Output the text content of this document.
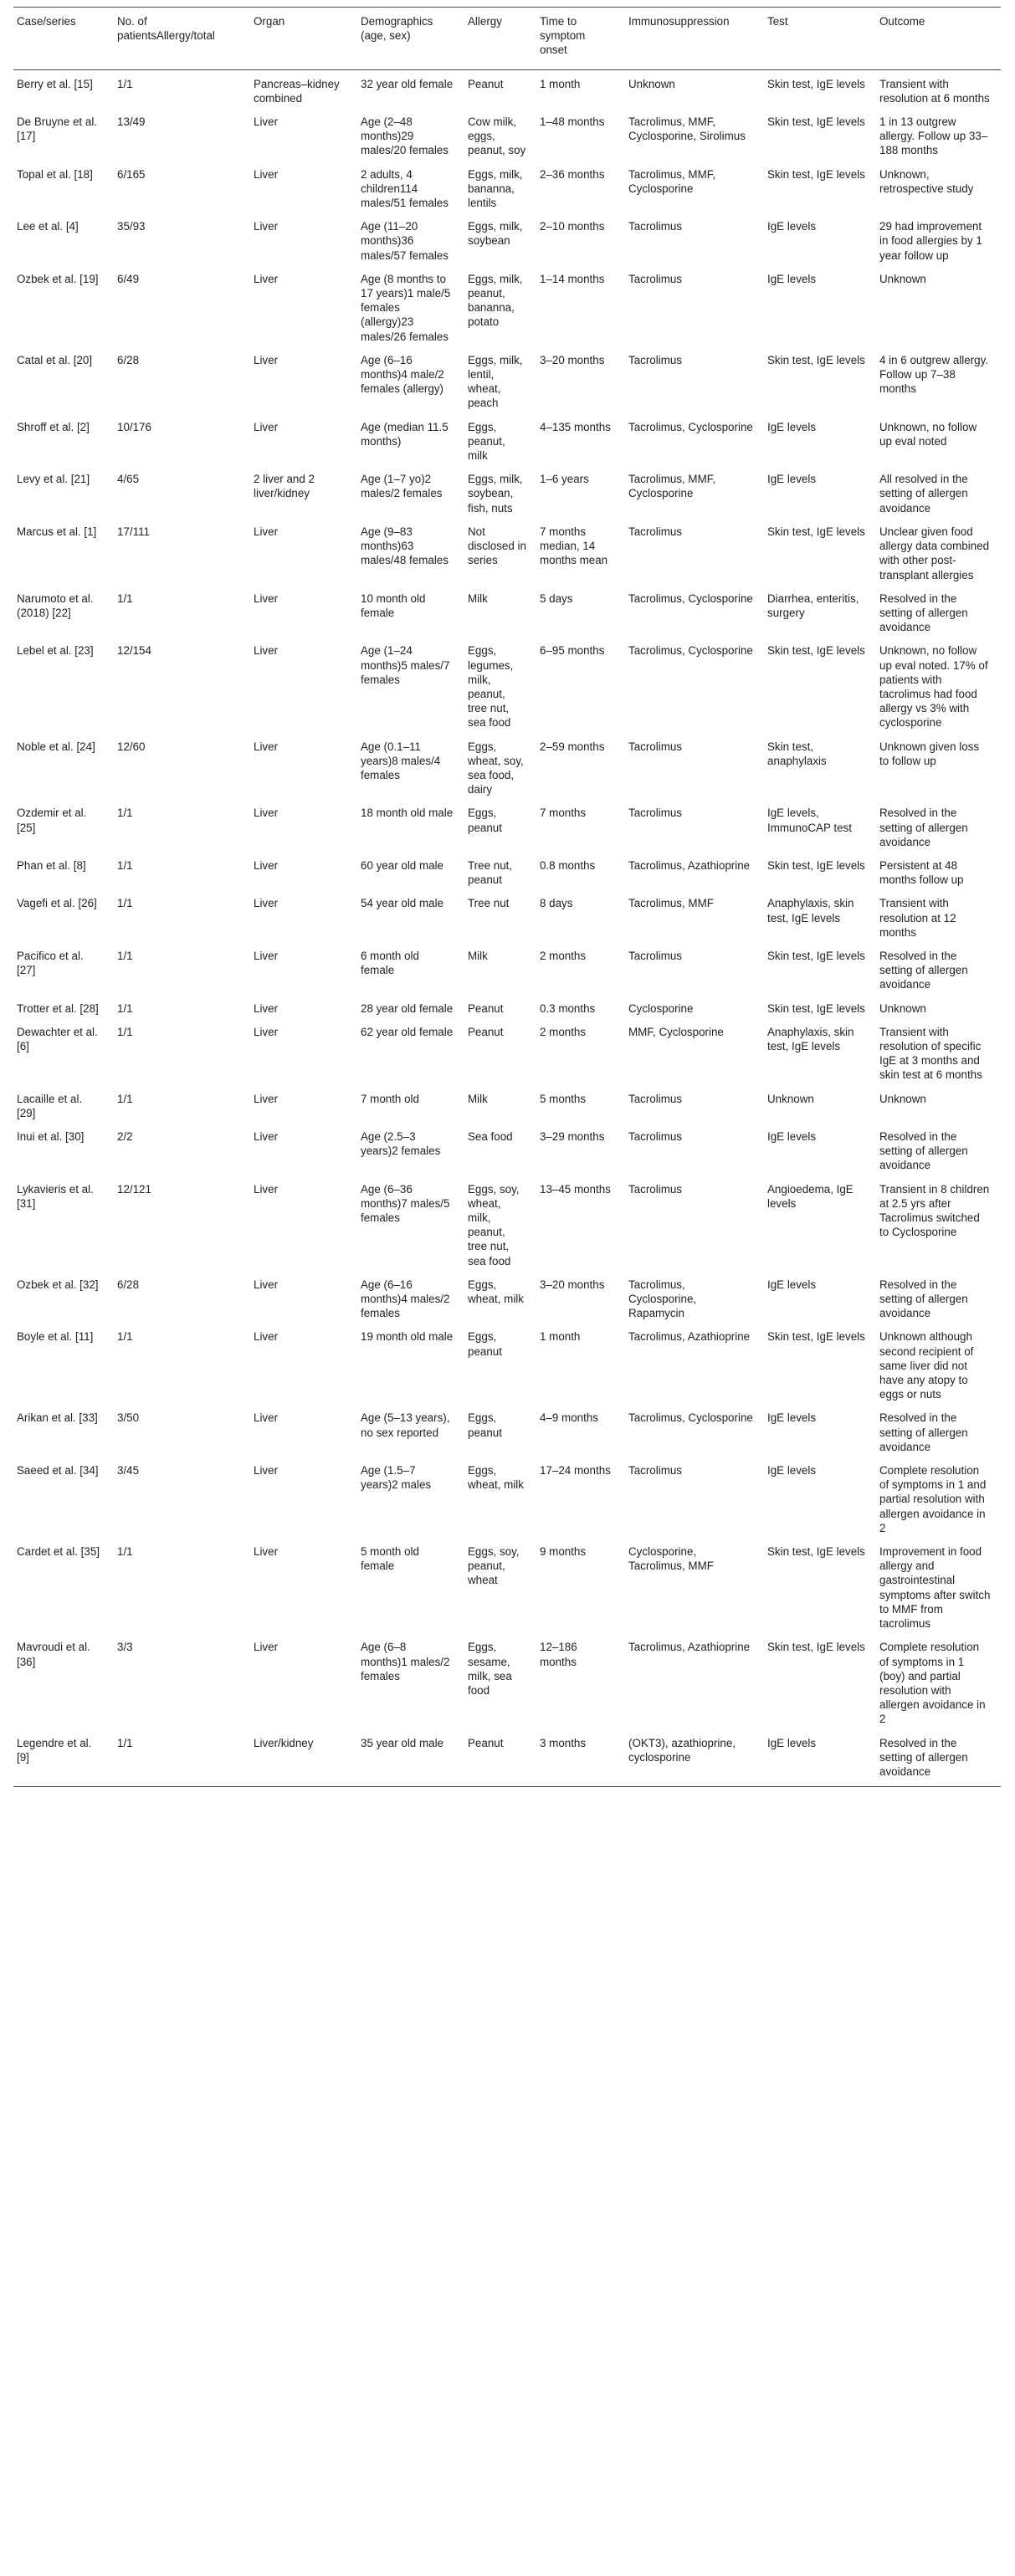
Case/series	No. of patientsAllergy/total	Organ	Demographics (age, sex)	Allergy	Time to symptom onset	Immunosuppression	Test	Outcome
Berry et al. [15]	1/1	Pancreas–kidney combined	32 year old female	Peanut	1 month	Unknown	Skin test, IgE levels	Transient with resolution at 6 months
De Bruyne et al. [17]	13/49	Liver	Age (2–48 months)29 males/20 females	Cow milk, eggs, peanut, soy	1–48 months	Tacrolimus, MMF, Cyclosporine, Sirolimus	Skin test, IgE levels	1 in 13 outgrew allergy. Follow up 33–188 months
Topal et al. [18]	6/165	Liver	2 adults, 4 children114 males/51 females	Eggs, milk, bananna, lentils	2–36 months	Tacrolimus, MMF, Cyclosporine	Skin test, IgE levels	Unknown, retrospective study
Lee et al. [4]	35/93	Liver	Age (11–20 months)36 males/57 females	Eggs, milk, soybean	2–10 months	Tacrolimus	IgE levels	29 had improvement in food allergies by 1 year follow up
Ozbek et al. [19]	6/49	Liver	Age (8 months to 17 years)1 male/5 females (allergy)23 males/26 females	Eggs, milk, peanut, bananna, potato	1–14 months	Tacrolimus	IgE levels	Unknown
Catal et al. [20]	6/28	Liver	Age (6–16 months)4 male/2 females (allergy)	Eggs, milk, lentil, wheat, peach	3–20 months	Tacrolimus	Skin test, IgE levels	4 in 6 outgrew allergy. Follow up 7–38 months
Shroff et al. [2]	10/176	Liver	Age (median 11.5 months)	Eggs, peanut, milk	4–135 months	Tacrolimus, Cyclosporine	IgE levels	Unknown, no follow up eval noted
Levy et al. [21]	4/65	2 liver and 2 liver/kidney	Age (1–7 yo)2 males/2 females	Eggs, milk, soybean, fish, nuts	1–6 years	Tacrolimus, MMF, Cyclosporine	IgE levels	All resolved in the setting of allergen avoidance
Marcus et al. [1]	17/111	Liver	Age (9–83 months)63 males/48 females	Not disclosed in series	7 months median, 14 months mean	Tacrolimus	Skin test, IgE levels	Unclear given food allergy data combined with other post-transplant allergies
Narumoto et al. (2018) [22]	1/1	Liver	10 month old female	Milk	5 days	Tacrolimus, Cyclosporine	Diarrhea, enteritis, surgery	Resolved in the setting of allergen avoidance
Lebel et al. [23]	12/154	Liver	Age (1–24 months)5 males/7 females	Eggs, legumes, milk, peanut, tree nut, sea food	6–95 months	Tacrolimus, Cyclosporine	Skin test, IgE levels	Unknown, no follow up eval noted. 17% of patients with tacrolimus had food allergy vs 3% with cyclosporine
Noble et al. [24]	12/60	Liver	Age (0.1–11 years)8 males/4 females	Eggs, wheat, soy, sea food, dairy	2–59 months	Tacrolimus	Skin test, anaphylaxis	Unknown given loss to follow up
Ozdemir et al. [25]	1/1	Liver	18 month old male	Eggs, peanut	7 months	Tacrolimus	IgE levels, ImmunoCAP test	Resolved in the setting of allergen avoidance
Phan et al. [8]	1/1	Liver	60 year old male	Tree nut, peanut	0.8 months	Tacrolimus, Azathioprine	Skin test, IgE levels	Persistent at 48 months follow up
Vagefi et al. [26]	1/1	Liver	54 year old male	Tree nut	8 days	Tacrolimus, MMF	Anaphylaxis, skin test, IgE levels	Transient with resolution at 12 months
Pacifico et al. [27]	1/1	Liver	6 month old female	Milk	2 months	Tacrolimus	Skin test, IgE levels	Resolved in the setting of allergen avoidance
Trotter et al. [28]	1/1	Liver	28 year old female	Peanut	0.3 months	Cyclosporine	Skin test, IgE levels	Unknown
Dewachter et al. [6]	1/1	Liver	62 year old female	Peanut	2 months	MMF, Cyclosporine	Anaphylaxis, skin test, IgE levels	Transient with resolution of specific IgE at 3 months and skin test at 6 months
Lacaille et al. [29]	1/1	Liver	7 month old	Milk	5 months	Tacrolimus	Unknown	Unknown
Inui et al. [30]	2/2	Liver	Age (2.5–3 years)2 females	Sea food	3–29 months	Tacrolimus	IgE levels	Resolved in the setting of allergen avoidance
Lykavieris et al. [31]	12/121	Liver	Age (6–36 months)7 males/5 females	Eggs, soy, wheat, milk, peanut, tree nut, sea food	13–45 months	Tacrolimus	Angioedema, IgE levels	Transient in 8 children at 2.5 yrs after Tacrolimus switched to Cyclosporine
Ozbek et al. [32]	6/28	Liver	Age (6–16 months)4 males/2 females	Eggs, wheat, milk	3–20 months	Tacrolimus, Cyclosporine, Rapamycin	IgE levels	Resolved in the setting of allergen avoidance
Boyle et al. [11]	1/1	Liver	19 month old male	Eggs, peanut	1 month	Tacrolimus, Azathioprine	Skin test, IgE levels	Unknown although second recipient of same liver did not have any atopy to eggs or nuts
Arikan et al. [33]	3/50	Liver	Age (5–13 years), no sex reported	Eggs, peanut	4–9 months	Tacrolimus, Cyclosporine	IgE levels	Resolved in the setting of allergen avoidance
Saeed et al. [34]	3/45	Liver	Age (1.5–7 years)2 males	Eggs, wheat, milk	17–24 months	Tacrolimus	IgE levels	Complete resolution of symptoms in 1 and partial resolution with allergen avoidance in 2
Cardet et al. [35]	1/1	Liver	5 month old female	Eggs, soy, peanut, wheat	9 months	Cyclosporine, Tacrolimus, MMF	Skin test, IgE levels	Improvement in food allergy and gastrointestinal symptoms after switch to MMF from tacrolimus
Mavroudi et al. [36]	3/3	Liver	Age (6–8 months)1 males/2 females	Eggs, sesame, milk, sea food	12–186 months	Tacrolimus, Azathioprine	Skin test, IgE levels	Complete resolution of symptoms in 1 (boy) and partial resolution with allergen avoidance in 2
Legendre et al. [9]	1/1	Liver/kidney	35 year old male	Peanut	3 months	(OKT3), azathioprine, cyclosporine	IgE levels	Resolved in the setting of allergen avoidance
